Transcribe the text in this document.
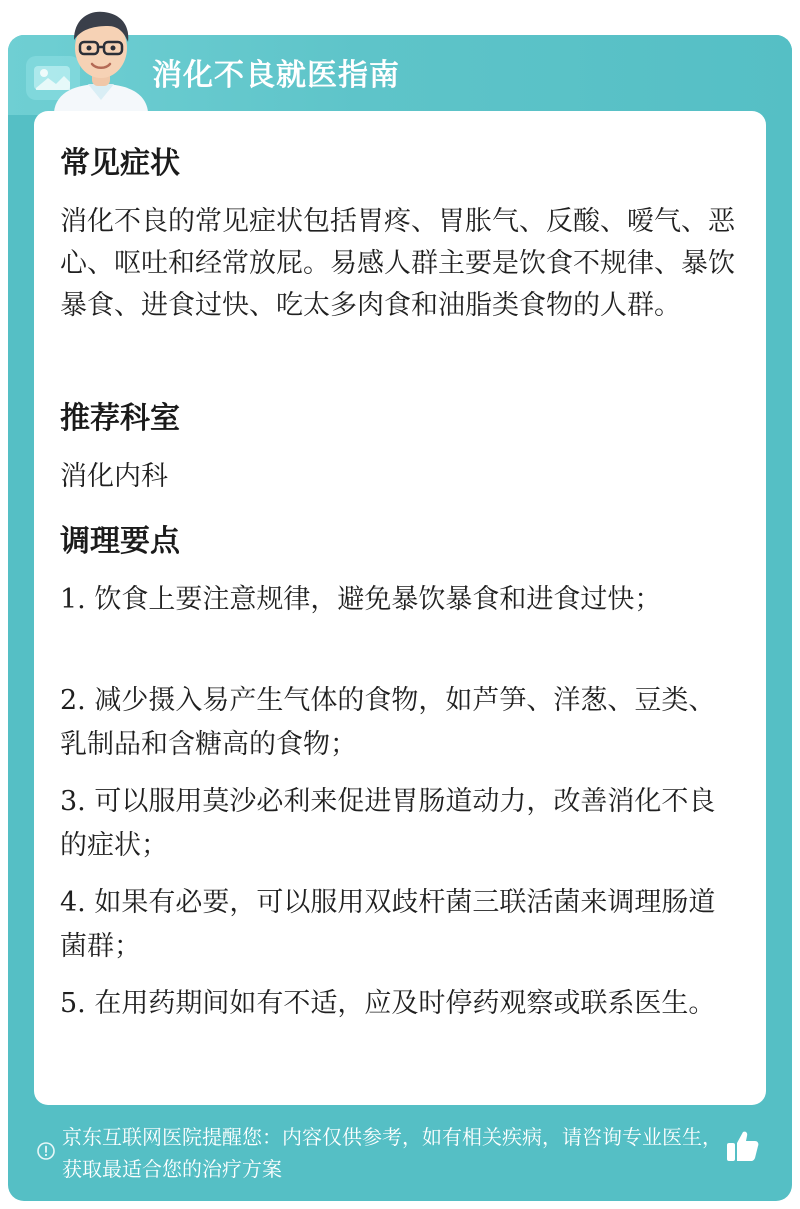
消化不良就医指南
常见症状
消化不良的常见症状包括胃疼、胃胀气、反酸、嗳气、恶心、呕吐和经常放屁。易感人群主要是饮食不规律、暴饮暴食、进食过快、吃太多肉食和油脂类食物的人群。
推荐科室
消化内科
调理要点
1. 饮食上要注意规律，避免暴饮暴食和进食过快；
2. 减少摄入易产生气体的食物，如芦笋、洋葱、豆类、乳制品和含糖高的食物；
3. 可以服用莫沙必利来促进胃肠道动力，改善消化不良的症状；
4. 如果有必要，可以服用双歧杆菌三联活菌来调理肠道菌群；
5. 在用药期间如有不适，应及时停药观察或联系医生。
京东互联网医院提醒您：内容仅供参考，如有相关疾病，请咨询专业医生，获取最适合您的治疗方案
